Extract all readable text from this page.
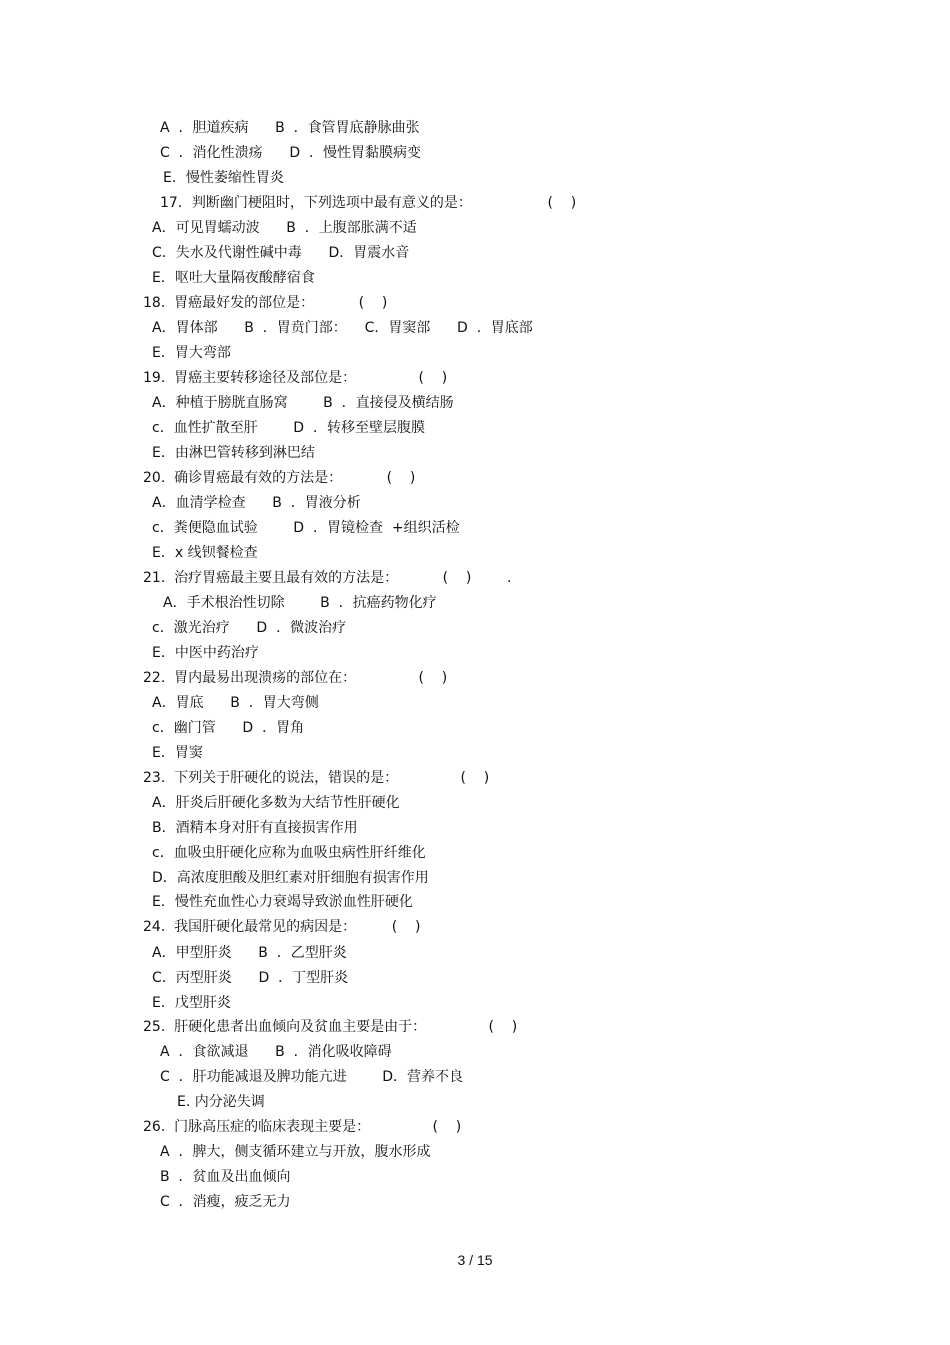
A  ．胆道疾病      B  ．食管胃底静脉曲张
C  ．消化性溃疡      D  ．慢性胃黏膜病变
E．慢性萎缩性胃炎
17．判断幽门梗阻时，下列选项中最有意义的是：                 (    )
A．可见胃蠕动波      B  ．上腹部胀满不适
C．失水及代谢性碱中毒      D．胃震水音
E．呕吐大量隔夜酸酵宿食
18.  胃癌最好发的部位是：          (    )
A．胃体部      B  ．胃贲门部：    C．胃窦部      D  ．胃底部
E．胃大弯部
19.  胃癌主要转移途径及部位是：              (    )
A．种植于膀胱直肠窝        B  ．直接侵及横结肠
c．血性扩散至肝        D  ．转移至壁层腹膜
E．由淋巴管转移到淋巴结
20.  确诊胃癌最有效的方法是：          (    )
A．血清学检查      B  ．胃液分析
c．粪便隐血试验        D  ．胃镜检查  +组织活检
E．x 线钡餐检查
21.  治疗胃癌最主要且最有效的方法是：          (    )        .
A．手术根治性切除        B  ．抗癌药物化疗
c．激光治疗      D  ．微波治疗
E．中医中药治疗
22.  胃内最易出现溃疡的部位在：              (    )
A．胃底      B  ．胃大弯侧
c．幽门管      D  ．胃角
E．胃窦
23.  下列关于肝硬化的说法，错误的是：              (    )
A．肝炎后肝硬化多数为大结节性肝硬化
B．酒精本身对肝有直接损害作用
c．血吸虫肝硬化应称为血吸虫病性肝纤维化
D．高浓度胆酸及胆红素对肝细胞有损害作用
E．慢性充血性心力衰竭导致淤血性肝硬化
24.  我国肝硬化最常见的病因是：        (    )
A．甲型肝炎      B  ．乙型肝炎
C．丙型肝炎      D  ．丁型肝炎
E．戊型肝炎
25.  肝硬化患者出血倾向及贫血主要是由于：              (    )
A  ．食欲减退      B  ．消化吸收障碍
C  ．肝功能减退及脾功能亢进        D．营养不良
E. 内分泌失调
26.  门脉高压症的临床表现主要是：              (    )
A  ．脾大，侧支循环建立与开放，腹水形成
B  ．贫血及出血倾向
C  ．消瘦，疲乏无力
3 / 15
